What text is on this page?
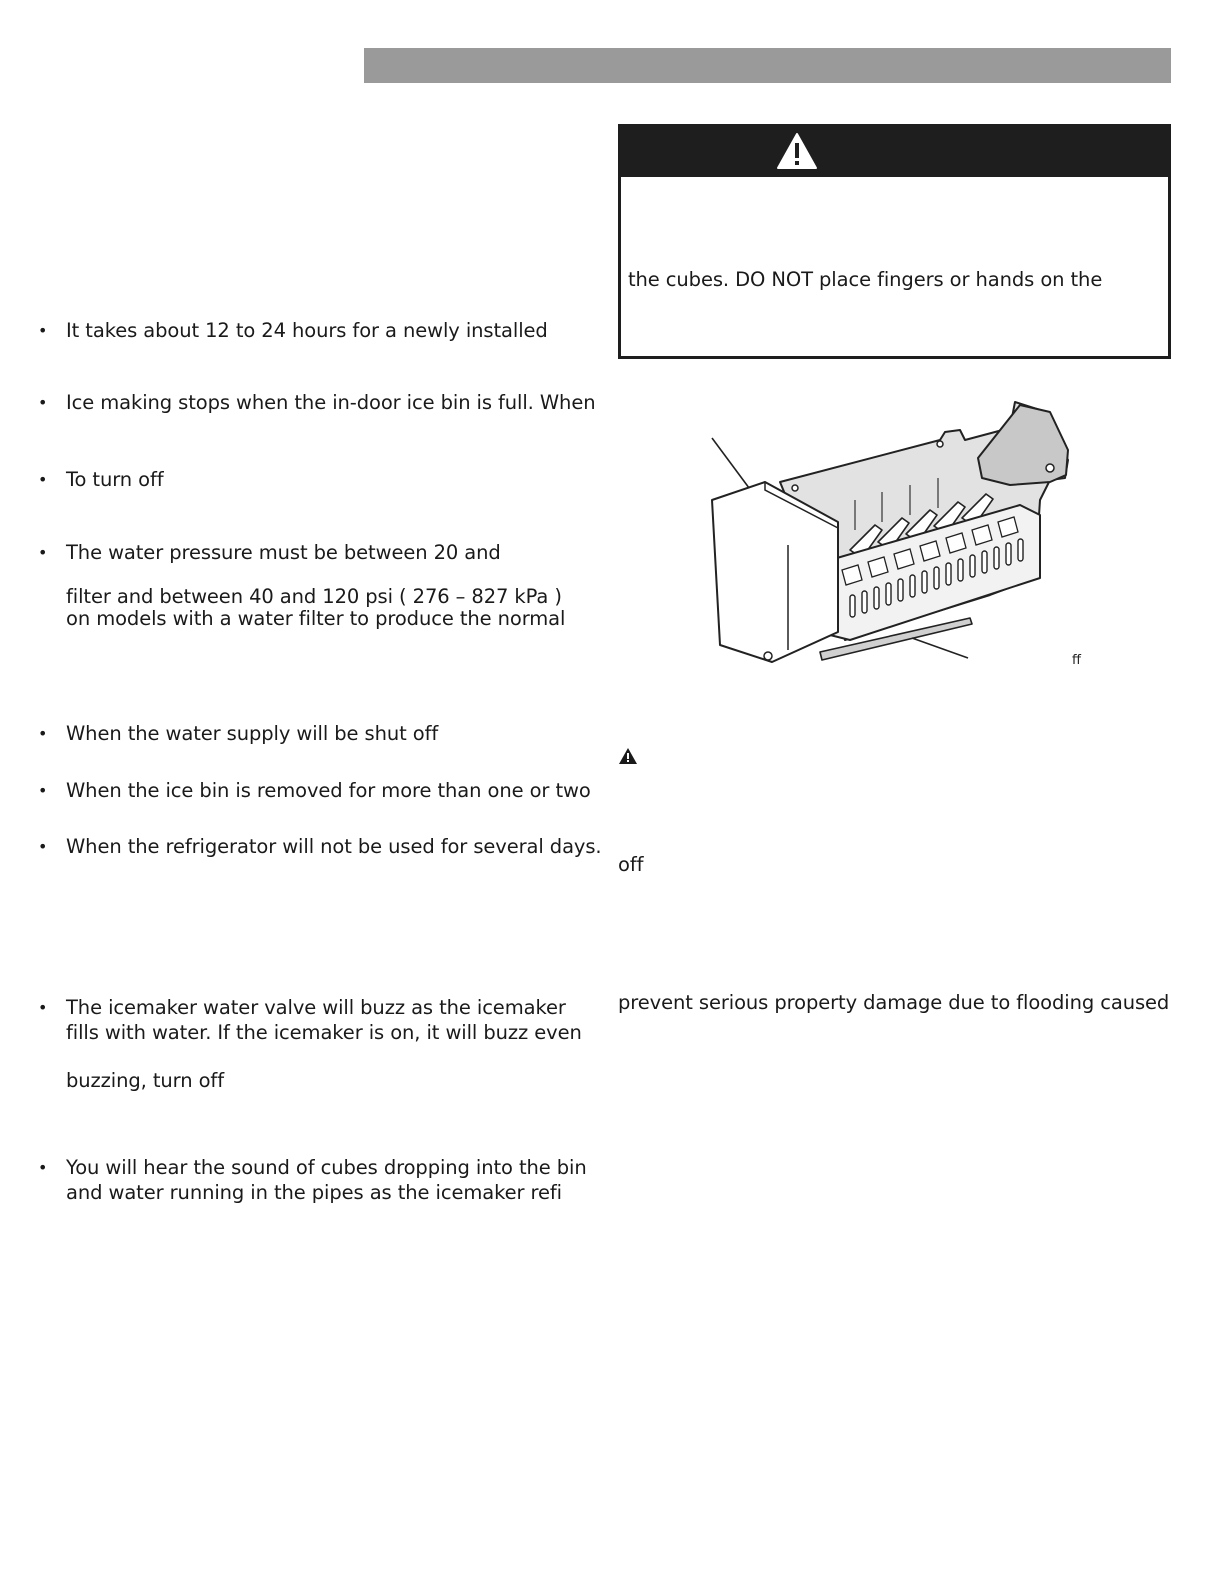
the cubes. DO NOT place fingers or hands on the
ff
off
prevent serious property damage due to flooding caused
• It takes about 12 to 24 hours for a newly installed
• Ice making stops when the in-door ice bin is full. When
• To turn off
• The water pressure must be between 20 and
filter and between 40 and 120 psi ( 276 – 827 kPa )
on models with a water filter to produce the normal
• When the water supply will be shut off
• When the ice bin is removed for more than one or two
• When the refrigerator will not be used for several days.
• The icemaker water valve will buzz as the icemaker
fills with water. If the icemaker is on, it will buzz even
buzzing, turn off
• You will hear the sound of cubes dropping into the bin
and water running in the pipes as the icemaker refi
